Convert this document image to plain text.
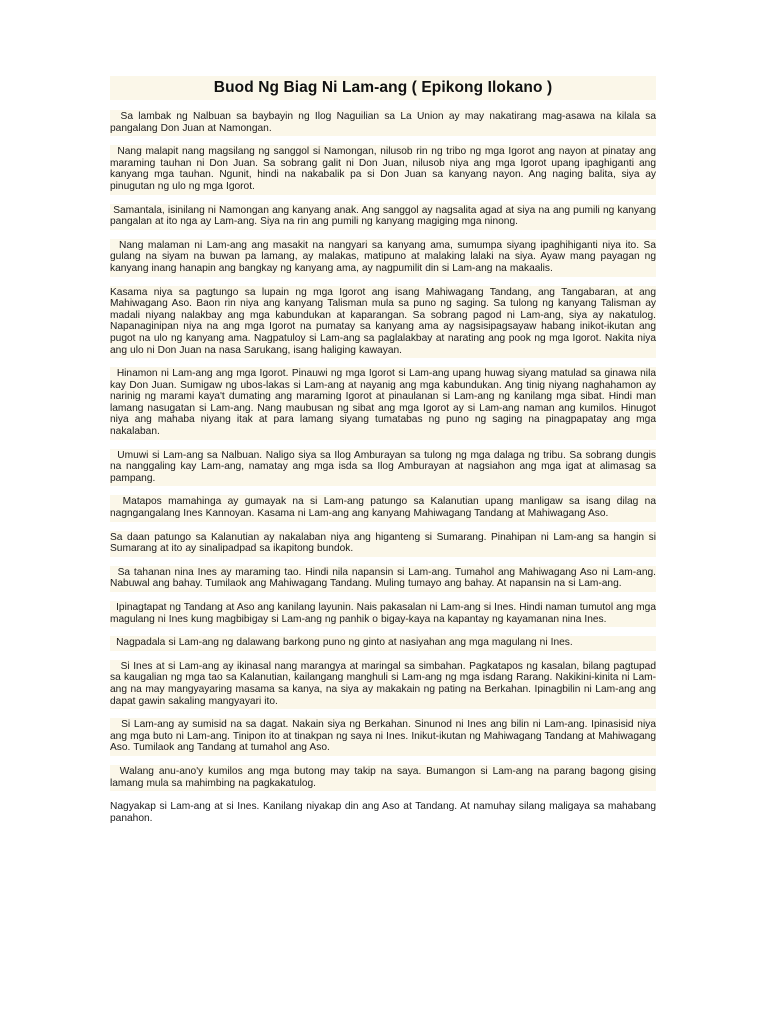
Buod Ng Biag Ni Lam-ang ( Epikong Ilokano )
Sa lambak ng Nalbuan sa baybayin ng Ilog Naguilian sa La Union ay may nakatirang mag-asawa na kilala sa pangalang Don Juan at Namongan.
Nang malapit nang magsilang ng sanggol si Namongan, nilusob rin ng tribo ng mga Igorot ang nayon at pinatay ang maraming tauhan ni Don Juan. Sa sobrang galit ni Don Juan, nilusob niya ang mga Igorot upang ipaghiganti ang kanyang mga tauhan. Ngunit, hindi na nakabalik pa si Don Juan sa kanyang nayon. Ang naging balita, siya ay pinugutan ng ulo ng mga Igorot.
Samantala, isinilang ni Namongan ang kanyang anak. Ang sanggol ay nagsalita agad at siya na ang pumili ng kanyang pangalan at ito nga ay Lam-ang. Siya na rin ang pumili ng kanyang magiging mga ninong.
Nang malaman ni Lam-ang ang masakit na nangyari sa kanyang ama, sumumpa siyang ipaghihiganti niya ito. Sa gulang na siyam na buwan pa lamang, ay malakas, matipuno at malaking lalaki na siya. Ayaw mang payagan ng kanyang inang hanapin ang bangkay ng kanyang ama, ay nagpumilit din si Lam-ang na makaalis.
Kasama niya sa pagtungo sa lupain ng mga Igorot ang isang Mahiwagang Tandang, ang Tangabaran, at ang Mahiwagang Aso. Baon rin niya ang kanyang Talisman mula sa puno ng saging. Sa tulong ng kanyang Talisman ay madali niyang nalakbay ang mga kabundukan at kaparangan. Sa sobrang pagod ni Lam-ang, siya ay nakatulog. Napanaginipan niya na ang mga Igorot na pumatay sa kanyang ama ay nagsisipagsayaw habang inikot-ikutan ang pugot na ulo ng kanyang ama. Nagpatuloy si Lam-ang sa paglalakbay at narating ang pook ng mga Igorot. Nakita niya ang ulo ni Don Juan na nasa Sarukang, isang haliging kawayan.
Hinamon ni Lam-ang ang mga Igorot. Pinauwi ng mga Igorot si Lam-ang upang huwag siyang matulad sa ginawa nila kay Don Juan. Sumigaw ng ubos-lakas si Lam-ang at nayanig ang mga kabundukan. Ang tinig niyang naghahamon ay narinig ng marami kaya't dumating ang maraming Igorot at pinaulanan si Lam-ang ng kanilang mga sibat. Hindi man lamang nasugatan si Lam-ang. Nang maubusan ng sibat ang mga Igorot ay si Lam-ang naman ang kumilos. Hinugot niya ang mahaba niyang itak at para lamang siyang tumatabas ng puno ng saging na pinagpapatay ang mga nakalaban.
Umuwi si Lam-ang sa Nalbuan. Naligo siya sa Ilog Amburayan sa tulong ng mga dalaga ng tribu. Sa sobrang dungis na nanggaling kay Lam-ang, namatay ang mga isda sa Ilog Amburayan at nagsiahon ang mga igat at alimasag sa pampang.
Matapos mamahinga ay gumayak na si Lam-ang patungo sa Kalanutian upang manligaw sa isang dilag na nagngangalang Ines Kannoyan. Kasama ni Lam-ang ang kanyang Mahiwagang Tandang at Mahiwagang Aso.
Sa daan patungo sa Kalanutian ay nakalaban niya ang higanteng si Sumarang. Pinahipan ni Lam-ang sa hangin si Sumarang at ito ay sinalipadpad sa ikapitong bundok.
Sa tahanan nina Ines ay maraming tao. Hindi nila napansin si Lam-ang. Tumahol ang Mahiwagang Aso ni Lam-ang. Nabuwal ang bahay. Tumilaok ang Mahiwagang Tandang. Muling tumayo ang bahay. At napansin na si Lam-ang.
Ipinagtapat ng Tandang at Aso ang kanilang layunin. Nais pakasalan ni Lam-ang si Ines. Hindi naman tumutol ang mga magulang ni Ines kung magbibigay si Lam-ang ng panhik o bigay-kaya na kapantay ng kayamanan nina Ines.
Nagpadala si Lam-ang ng dalawang barkong puno ng ginto at nasiyahan ang mga magulang ni Ines.
Si Ines at si Lam-ang ay ikinasal nang marangya at maringal sa simbahan. Pagkatapos ng kasalan, bilang pagtupad sa kaugalian ng mga tao sa Kalanutian, kailangang manghuli si Lam-ang ng mga isdang Rarang. Nakikini-kinita ni Lam-ang na may mangyayaring masama sa kanya, na siya ay makakain ng pating na Berkahan. Ipinagbilin ni Lam-ang ang dapat gawin sakaling mangyayari ito.
Si Lam-ang ay sumisid na sa dagat. Nakain siya ng Berkahan. Sinunod ni Ines ang bilin ni Lam-ang. Ipinasisid niya ang mga buto ni Lam-ang. Tinipon ito at tinakpan ng saya ni Ines. Inikut-ikutan ng Mahiwagang Tandang at Mahiwagang Aso. Tumilaok ang Tandang at tumahol ang Aso.
Walang anu-ano'y kumilos ang mga butong may takip na saya. Bumangon si Lam-ang na parang bagong gising lamang mula sa mahimbing na pagkakatulog.
Nagyakap si Lam-ang at si Ines. Kanilang niyakap din ang Aso at Tandang. At namuhay silang maligaya sa mahabang panahon.
